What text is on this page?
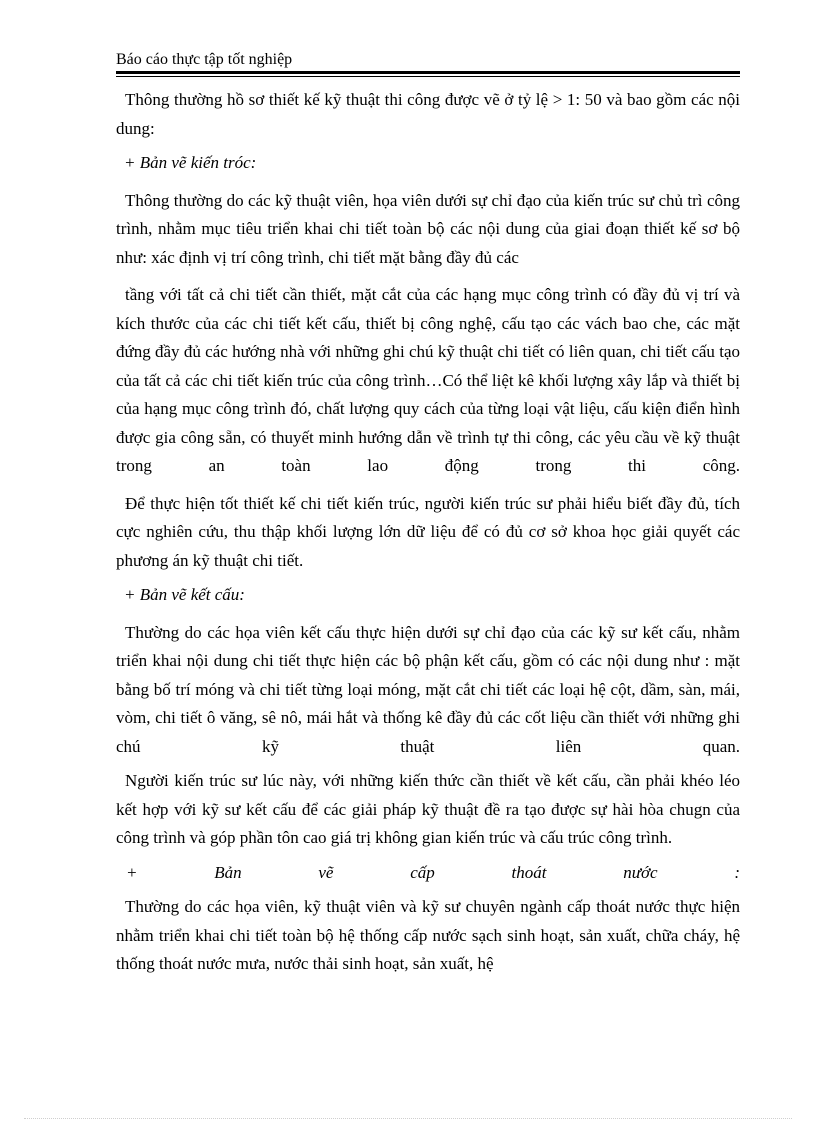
Báo cáo thực tập tốt nghiệp

Thông thường hồ sơ thiết kế kỹ thuật thi công được vẽ ở tỷ lệ > 1: 50 và bao gồm các nội dung:

+ Bản vẽ kiến tróc:

Thông thường do các kỹ thuật viên, họa viên dưới sự chỉ đạo của kiến trúc sư chủ trì công trình, nhằm mục tiêu triển khai chi tiết toàn bộ các nội dung của giai đoạn thiết kế sơ bộ như: xác định vị trí công trình, chi tiết mặt bằng đầy đủ các

tầng với tất cả chi tiết cần thiết, mặt cắt của các hạng mục công trình có đầy đủ vị trí và kích thước của các chi tiết kết cấu, thiết bị công nghệ, cấu tạo các vách bao che, các mặt đứng đầy đủ các hướng nhà với những ghi chú kỹ thuật chi tiết có liên quan, chi tiết cấu tạo của tất cả các chi tiết kiến trúc của công trình…Có thể liệt kê khối lượng xây lắp và thiết bị của hạng mục công trình đó, chất lượng quy cách của từng loại vật liệu, cấu kiện điển hình được gia công sẵn, có thuyết minh hướng dẫn về trình tự thi công, các yêu cầu về kỹ thuật trong an toàn lao động trong thi công.

Để thực hiện tốt thiết kế chi tiết kiến trúc, người kiến trúc sư phải hiểu biết đầy đủ, tích cực nghiên cứu, thu thập khối lượng lớn dữ liệu để có đủ cơ sở khoa học giải quyết các phương án kỹ thuật chi tiết.

+ Bản vẽ kết cấu:

Thường do các họa viên kết cấu thực hiện dưới sự chỉ đạo của các kỹ sư kết cấu, nhằm triển khai nội dung chi tiết thực hiện các bộ phận kết cấu, gồm có các nội dung như : mặt bằng bố trí móng và chi tiết từng loại móng, mặt cắt chi tiết các loại hệ cột, dầm, sàn, mái, vòm, chi tiết ô văng, sê nô, mái hắt và thống kê đầy đủ các cốt liệu cần thiết với những ghi chú kỹ thuật liên quan.

Người kiến trúc sư lúc này, với những kiến thức cần thiết về kết cấu, cần phải khéo léo kết hợp với kỹ sư kết cấu để các giải pháp kỹ thuật đề ra tạo được sự hài hòa chugn của công trình và góp phần tôn cao giá trị không gian kiến trúc và cấu trúc công trình.

+ Bản vẽ cấp thoát nước :

Thường do các họa viên, kỹ thuật viên và kỹ sư chuyên ngành cấp thoát nước thực hiện nhằm triển khai chi tiết toàn bộ hệ thống cấp nước sạch sinh hoạt, sản xuất, chữa cháy, hệ thống thoát nước mưa, nước thải sinh hoạt, sản xuất, hệ
